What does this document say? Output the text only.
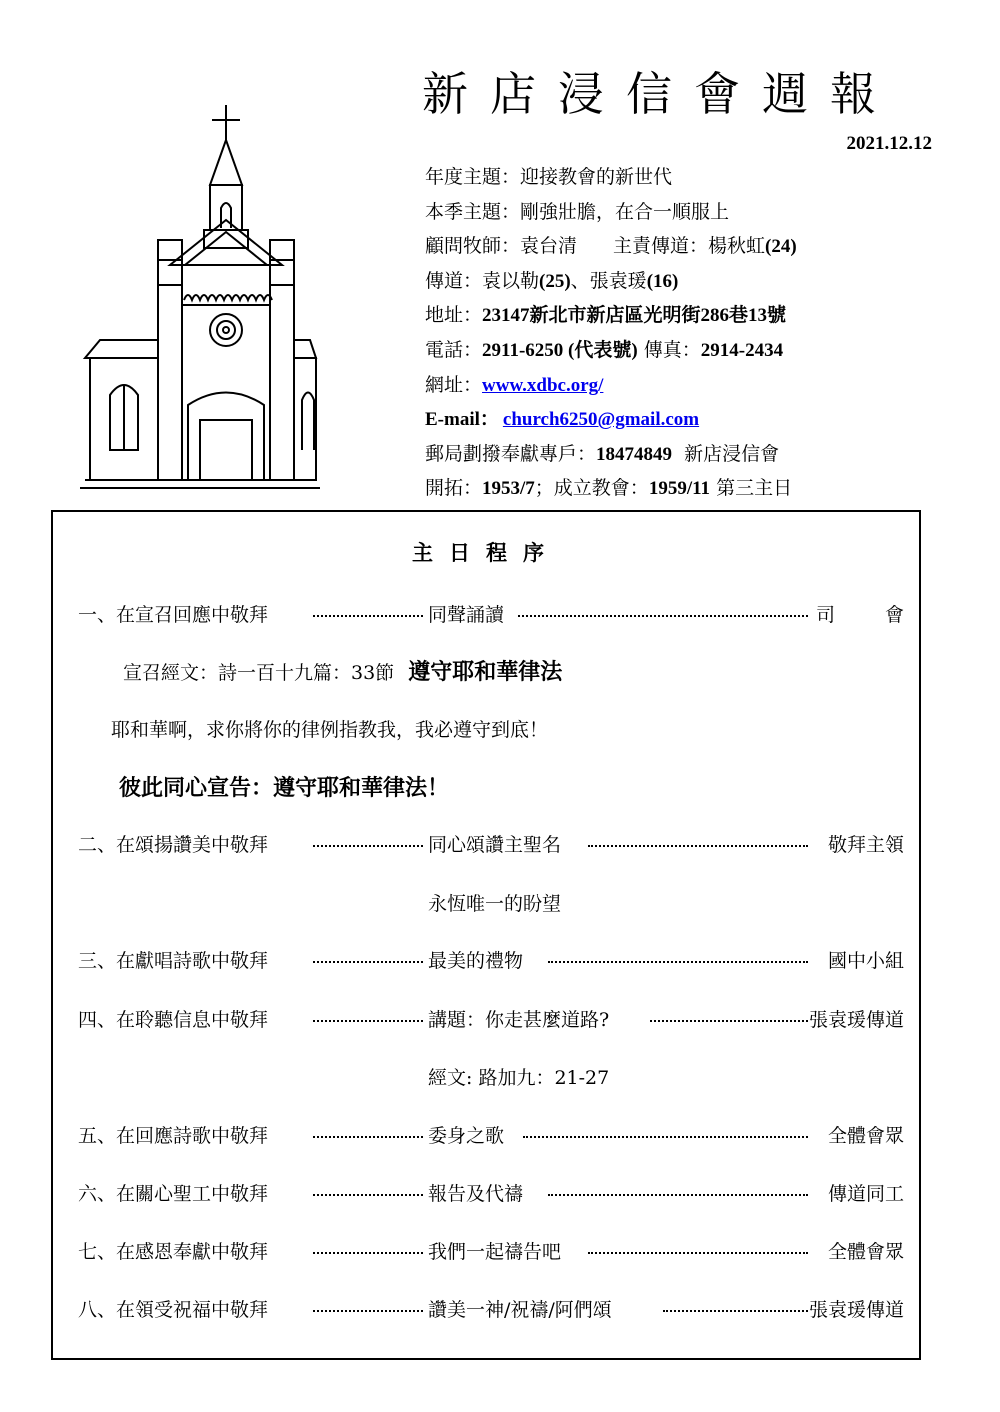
新店浸信會週報
2021.12.12
年度主題：迎接教會的新世代
本季主題：剛強壯膽，在合一順服上
顧問牧師：袁台清 主責傳道：楊秋虹(24)
傳道：袁以勒(25)、張袁瑗(16)
地址：23147新北市新店區光明街286巷13號
電話：2911-6250 (代表號) 傳真：2914-2434
網址：www.xdbc.org/
E-mail： church6250@gmail.com
郵局劃撥奉獻專戶：18474849 新店浸信會
開拓：1953/7；成立教會：1959/11 第三主日
主日程序
一、在宣召回應中敬拜	同聲誦讀	司會
宣召經文：詩一百十九篇：33節 遵守耶和華律法
耶和華啊，求你將你的律例指教我，我必遵守到底！
彼此同心宣告：遵守耶和華律法！
二、在頌揚讚美中敬拜	同心頌讚主聖名	敬拜主領
永恆唯一的盼望
三、在獻唱詩歌中敬拜	最美的禮物	國中小組
四、在聆聽信息中敬拜	講題：你走甚麼道路?	張袁瑗傳道
經文: 路加九：21-27
五、在回應詩歌中敬拜	委身之歌	全體會眾
六、在關心聖工中敬拜	報告及代禱	傳道同工
七、在感恩奉獻中敬拜	我們一起禱告吧	全體會眾
八、在領受祝福中敬拜	讚美一神/祝禱/阿們頌	張袁瑗傳道
